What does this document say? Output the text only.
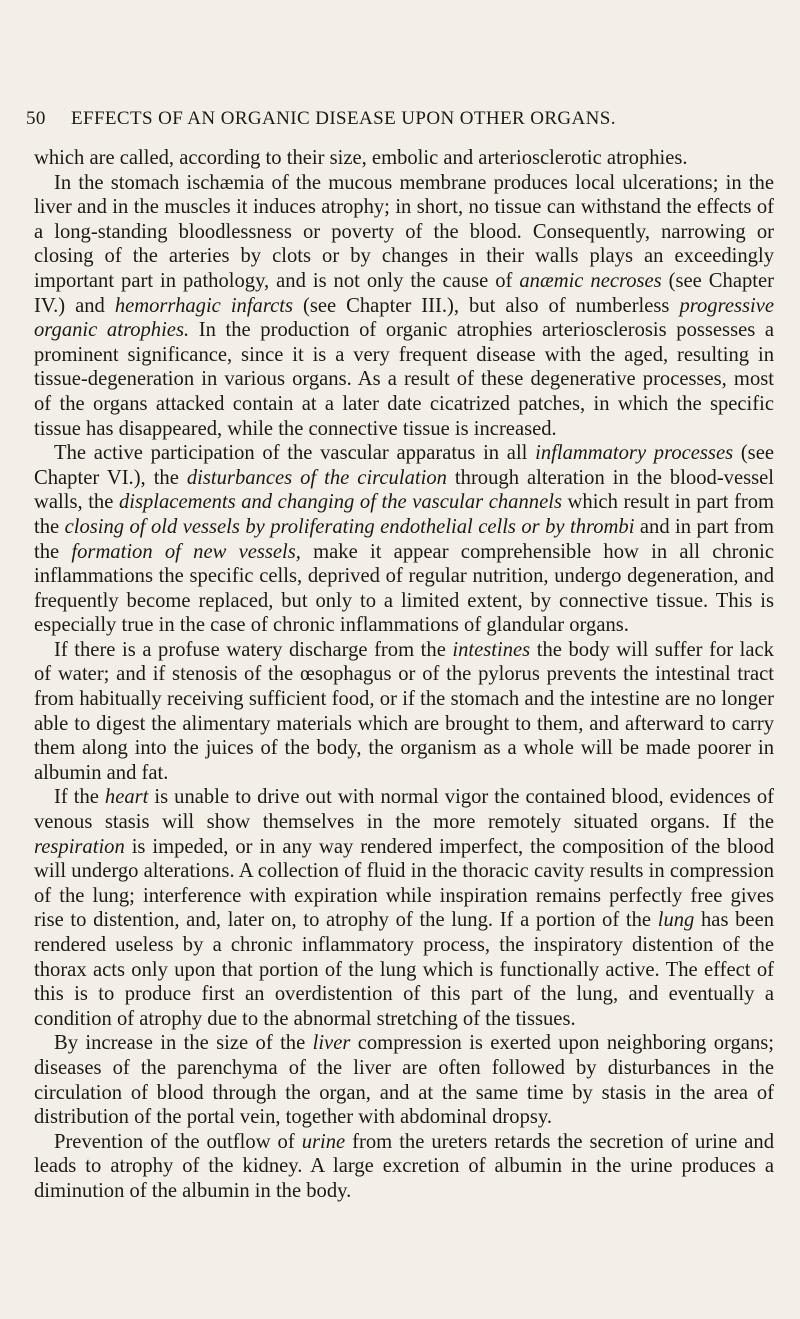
50 EFFECTS OF AN ORGANIC DISEASE UPON OTHER ORGANS.

which are called, according to their size, embolic and arteriosclerotic atrophies.

In the stomach ischæmia of the mucous membrane produces local ulcerations; in the liver and in the muscles it induces atrophy; in short, no tissue can withstand the effects of a long-standing bloodlessness or poverty of the blood. Consequently, narrowing or closing of the arteries by clots or by changes in their walls plays an exceedingly important part in pathology, and is not only the cause of anæmic necroses (see Chapter IV.) and hemorrhagic infarcts (see Chapter III.), but also of numberless progressive organic atrophies. In the production of organic atrophies arteriosclerosis possesses a prominent significance, since it is a very frequent disease with the aged, resulting in tissue-degeneration in various organs. As a result of these degenerative processes, most of the organs attacked contain at a later date cicatrized patches, in which the specific tissue has disappeared, while the connective tissue is increased.

The active participation of the vascular apparatus in all inflammatory processes (see Chapter VI.), the disturbances of the circulation through alteration in the blood-vessel walls, the displacements and changing of the vascular channels which result in part from the closing of old vessels by proliferating endothelial cells or by thrombi and in part from the formation of new vessels, make it appear comprehensible how in all chronic inflammations the specific cells, deprived of regular nutrition, undergo degeneration, and frequently become replaced, but only to a limited extent, by connective tissue. This is especially true in the case of chronic inflammations of glandular organs.

If there is a profuse watery discharge from the intestines the body will suffer for lack of water; and if stenosis of the œsophagus or of the pylorus prevents the intestinal tract from habitually receiving sufficient food, or if the stomach and the intestine are no longer able to digest the alimentary materials which are brought to them, and afterward to carry them along into the juices of the body, the organism as a whole will be made poorer in albumin and fat.

If the heart is unable to drive out with normal vigor the contained blood, evidences of venous stasis will show themselves in the more remotely situated organs. If the respiration is impeded, or in any way rendered imperfect, the composition of the blood will undergo alterations. A collection of fluid in the thoracic cavity results in compression of the lung; interference with expiration while inspiration remains perfectly free gives rise to distention, and, later on, to atrophy of the lung. If a portion of the lung has been rendered useless by a chronic inflammatory process, the inspiratory distention of the thorax acts only upon that portion of the lung which is functionally active. The effect of this is to produce first an overdistention of this part of the lung, and eventually a condition of atrophy due to the abnormal stretching of the tissues.

By increase in the size of the liver compression is exerted upon neighboring organs; diseases of the parenchyma of the liver are often followed by disturbances in the circulation of blood through the organ, and at the same time by stasis in the area of distribution of the portal vein, together with abdominal dropsy.

Prevention of the outflow of urine from the ureters retards the secretion of urine and leads to atrophy of the kidney. A large excretion of albumin in the urine produces a diminution of the albumin in the body.
